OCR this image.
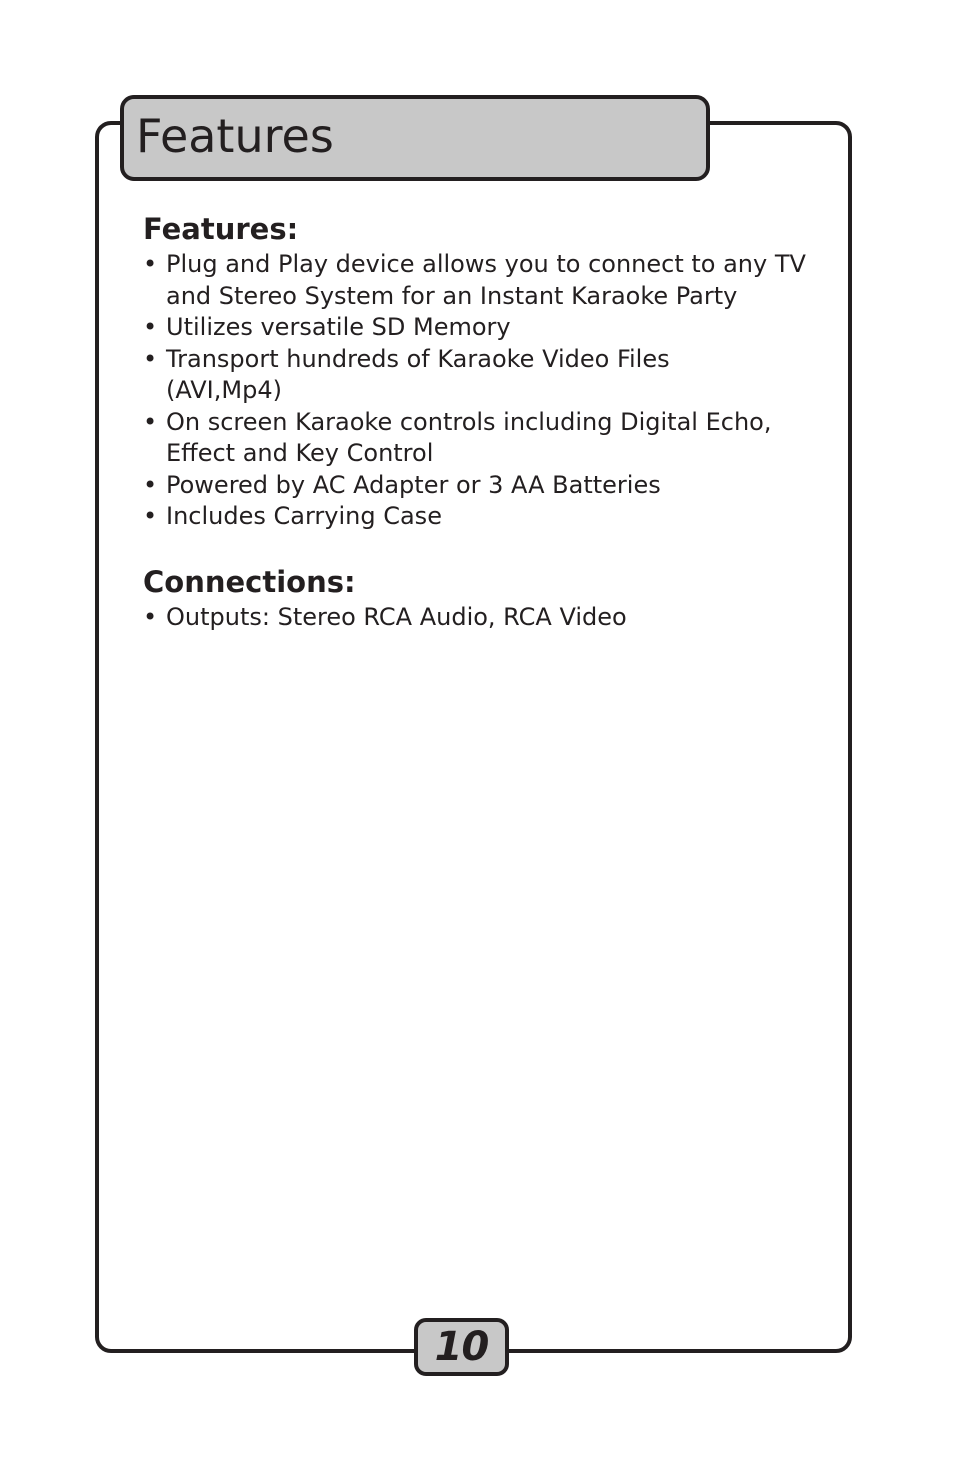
Features
Features:
• Plug and Play device allows you to connect to any TV
and Stereo System for an Instant Karaoke Party
• Utilizes versatile SD Memory
• Transport hundreds of Karaoke Video Files
(AVI,Mp4)
• On screen Karaoke controls including Digital Echo,
Effect and Key Control
• Powered by AC Adapter or 3 AA Batteries
• Includes Carrying Case
Connections:
• Outputs: Stereo RCA Audio, RCA Video
10
